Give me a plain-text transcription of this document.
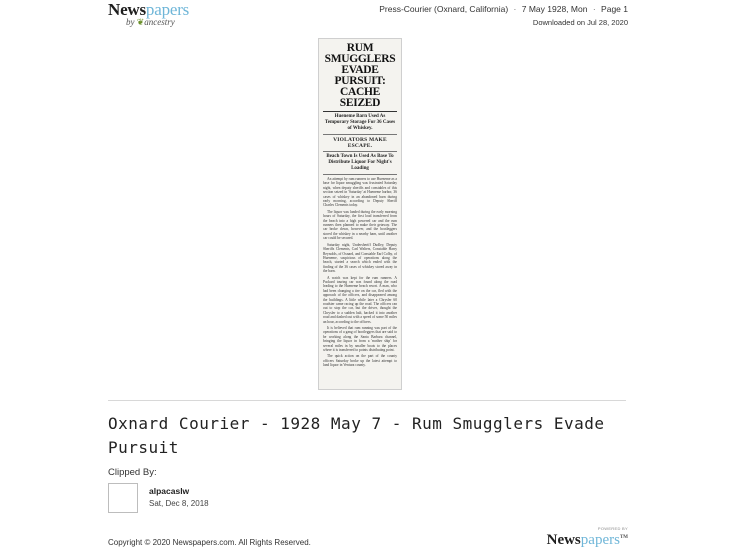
Newspapers
by ❦ancestry
Press-Courier (Oxnard, California) · 7 May 1928, Mon · Page 1
Downloaded on Jul 28, 2020
RUM SMUGGLERS EVADE PURSUIT: CACHE SEIZED
Hueneme Barn Used As Temporary Storage For 36 Cases of Whiskey.
VIOLATORS MAKE ESCAPE.
Beach Town Is Used As Base To Distribute Liquor For Night's Loading

An attempt by rum runners to use Hueneme as a base for liquor smuggling was frustrated Saturday night, when deputy sheriffs and constables of this section seized in 'Saturday' at Hueneme harbor, 36 cases of whiskey in an abandoned barn during early morning, according to Deputy Sheriff Charles Clements today.

The liquor was landed during the early morning hours of Saturday, the first load transferred from the beach into a high powered car and the rum runners then planned to make their getaway. The car broke down, however, and the bootleggers stored the whiskey in a nearby barn, until another car could be secured.

Saturday night, Undersheriff Dudley, Deputy Sheriffs Clements, Carl Walters, Constable Harry Reynolds, of Oxnard, and Constable Earl Colby, of Hueneme, suspicious of operations along the beach, started a search which ended with the finding of the 36 cases of whiskey stored away in the barn.

A watch was kept for the rum runners. A Packard touring car was found along the road leading to the Hueneme beach resort. A man, who had been changing a tire on the car, fled with the approach of the officers, and disappeared among the buildings. A little while later a Chrysler 60 roadster came racing up the road. The officers ran out to stop the car, but the driver, thought the Chrysler to a sudden halt, backed it into another road and dashed out with a speed of some 50 miles an hour, according to the officers.

It is believed that rum running was part of the operations of a gang of bootleggers that are said to be working along the Santa Barbara channel, bringing the liquor in from a 'mother ship' for several miles in by smaller boats to the places where it is transferred to points distributing point.

The quick action on the part of the county officers Saturday broke up the latest attempt to land liquor in Ventura county.

Oxnard Courier - 1928 May 7 - Rum Smugglers Evade Pursuit
Clipped By:
alpacaslw
Sat, Dec 8, 2018
Copyright © 2020 Newspapers.com. All Rights Reserved.
POWERED BY
Newspapers™
